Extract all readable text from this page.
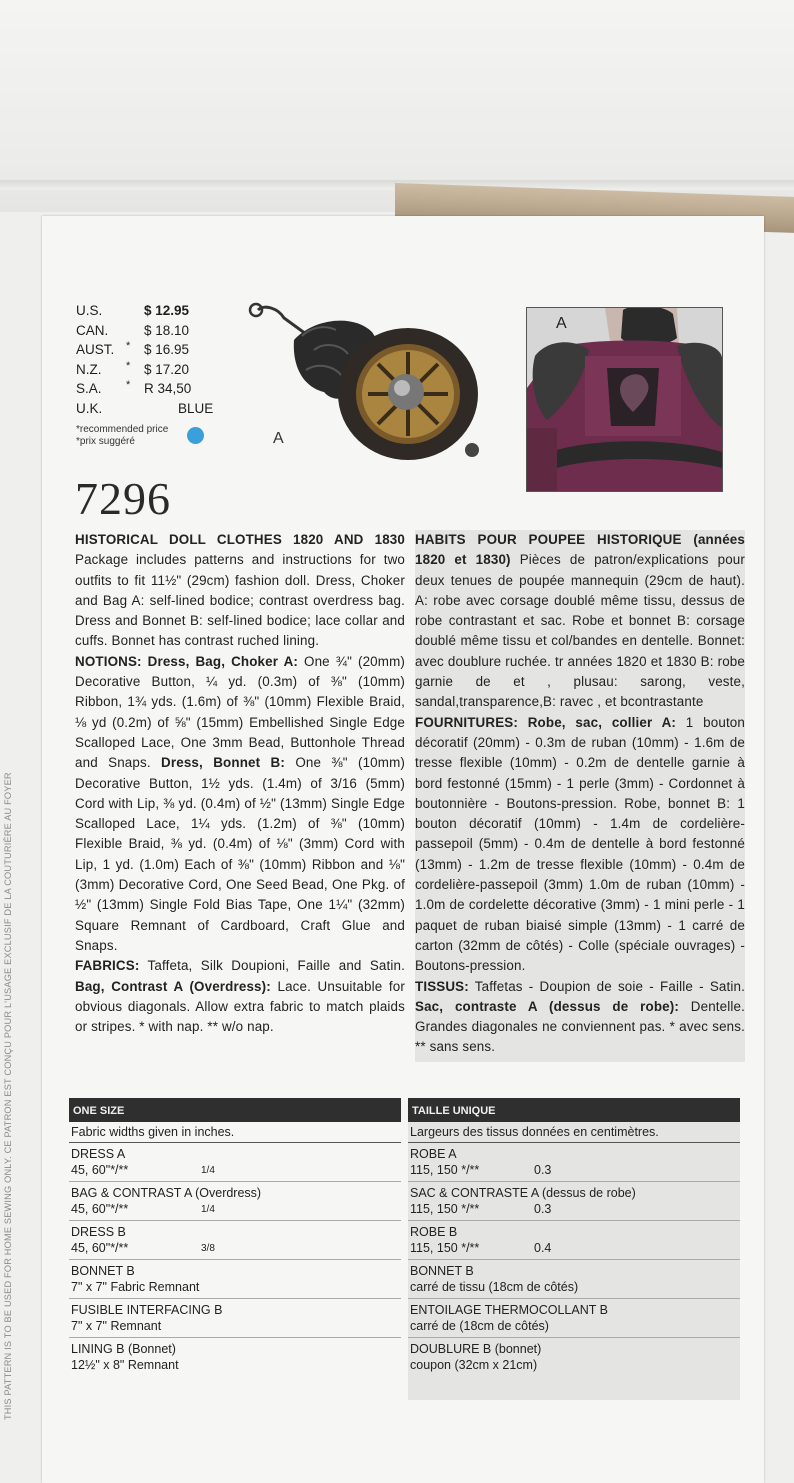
THIS PATTERN IS TO BE USED FOR HOME SEWING ONLY. CE PATRON EST CONÇU POUR L'USAGE EXCLUSIF DE LA COUTURIÈRE AU FOYER
U.S.	$ 12.95
CAN.	$ 18.10
AUST. * $ 16.95
N.Z. * $ 17.20
S.A. * R 34,50
U.K.	BLUE
*recommended price
*prix suggéré
7296
A
A

HISTORICAL DOLL CLOTHES 1820 AND 1830 Package includes patterns and instructions for two outfits to fit 11½" (29cm) fashion doll. Dress, Choker and Bag A: self-lined bodice; contrast overdress bag. Dress and Bonnet B: self-lined bodice; lace collar and cuffs. Bonnet has contrast ruched lining.

NOTIONS: Dress, Bag, Choker A: One ¾" (20mm) Decorative Button, ¼ yd. (0.3m) of ⅜" (10mm) Ribbon, 1¾ yds. (1.6m) of ⅜" (10mm) Flexible Braid, ⅛ yd (0.2m) of ⅝" (15mm) Embellished Single Edge Scalloped Lace, One 3mm Bead, Buttonhole Thread and Snaps. Dress, Bonnet B: One ⅜" (10mm) Decorative Button, 1½ yds. (1.4m) of 3/16 (5mm) Cord with Lip, ⅜ yd. (0.4m) of ½" (13mm) Single Edge Scalloped Lace, 1¼ yds. (1.2m) of ⅜" (10mm) Flexible Braid, ⅜ yd. (0.4m) of ⅛" (3mm) Cord with Lip, 1 yd. (1.0m) Each of ⅜" (10mm) Ribbon and ⅛" (3mm) Decorative Cord, One Seed Bead, One Pkg. of ½" (13mm) Single Fold Bias Tape, One 1¼" (32mm) Square Remnant of Cardboard, Craft Glue and Snaps.

FABRICS: Taffeta, Silk Doupioni, Faille and Satin. Bag, Contrast A (Overdress): Lace. Unsuitable for obvious diagonals. Allow extra fabric to match plaids or stripes. * with nap. ** w/o nap.

HABITS POUR POUPEE HISTORIQUE (années 1820 et 1830) Pièces de patron/explications pour deux tenues de poupée mannequin (29cm de haut). A: robe avec corsage doublé même tissu, dessus de robe contrastant et sac. Robe et bonnet B: corsage doublé même tissu et col/bandes en dentelle. Bonnet: avec doublure ruchée. tr années 1820 et 1830 B: robe garnie de et , plusau: sarong, veste, sandal,transparence,B: ravec , et bcontrastante

FOURNITURES: Robe, sac, collier A: 1 bouton décoratif (20mm) - 0.3m de ruban (10mm) - 1.6m de tresse flexible (10mm) - 0.2m de dentelle garnie à bord festonné (15mm) - 1 perle (3mm) - Cordonnet à boutonnière - Boutons-pression. Robe, bonnet B: 1 bouton décoratif (10mm) - 1.4m de cordelière-passepoil (5mm) - 0.4m de dentelle à bord festonné (13mm) - 1.2m de tresse flexible (10mm) - 0.4m de cordelière-passepoil (3mm) 1.0m de ruban (10mm) - 1.0m de cordelette décorative (3mm) - 1 mini perle - 1 paquet de ruban biaisé simple (13mm) - 1 carré de carton (32mm de côtés) - Colle (spéciale ouvrages) - Boutons-pression.

TISSUS: Taffetas - Doupion de soie - Faille - Satin. Sac, contraste A (dessus de robe): Dentelle. Grandes diagonales ne conviennent pas. * avec sens. ** sans sens.

ONE SIZE
Fabric widths given in inches.
DRESS A
45, 60"*/**	1/4
BAG & CONTRAST A (Overdress)
45, 60"*/**	1/4
DRESS B
45, 60"*/**	3/8
BONNET B
7" x 7" Fabric Remnant
FUSIBLE INTERFACING B
7" x 7" Remnant
LINING B (Bonnet)
12½" x 8" Remnant
TAILLE UNIQUE
Largeurs des tissus données en centimètres.
ROBE A
115, 150 */**	0.3
SAC & CONTRASTE A (dessus de robe)
115, 150 */**	0.3
ROBE B
115, 150 */**	0.4
BONNET B
carré de tissu (18cm de côtés)
ENTOILAGE THERMOCOLLANT B
carré de (18cm de côtés)
DOUBLURE B (bonnet)
coupon (32cm x 21cm)
